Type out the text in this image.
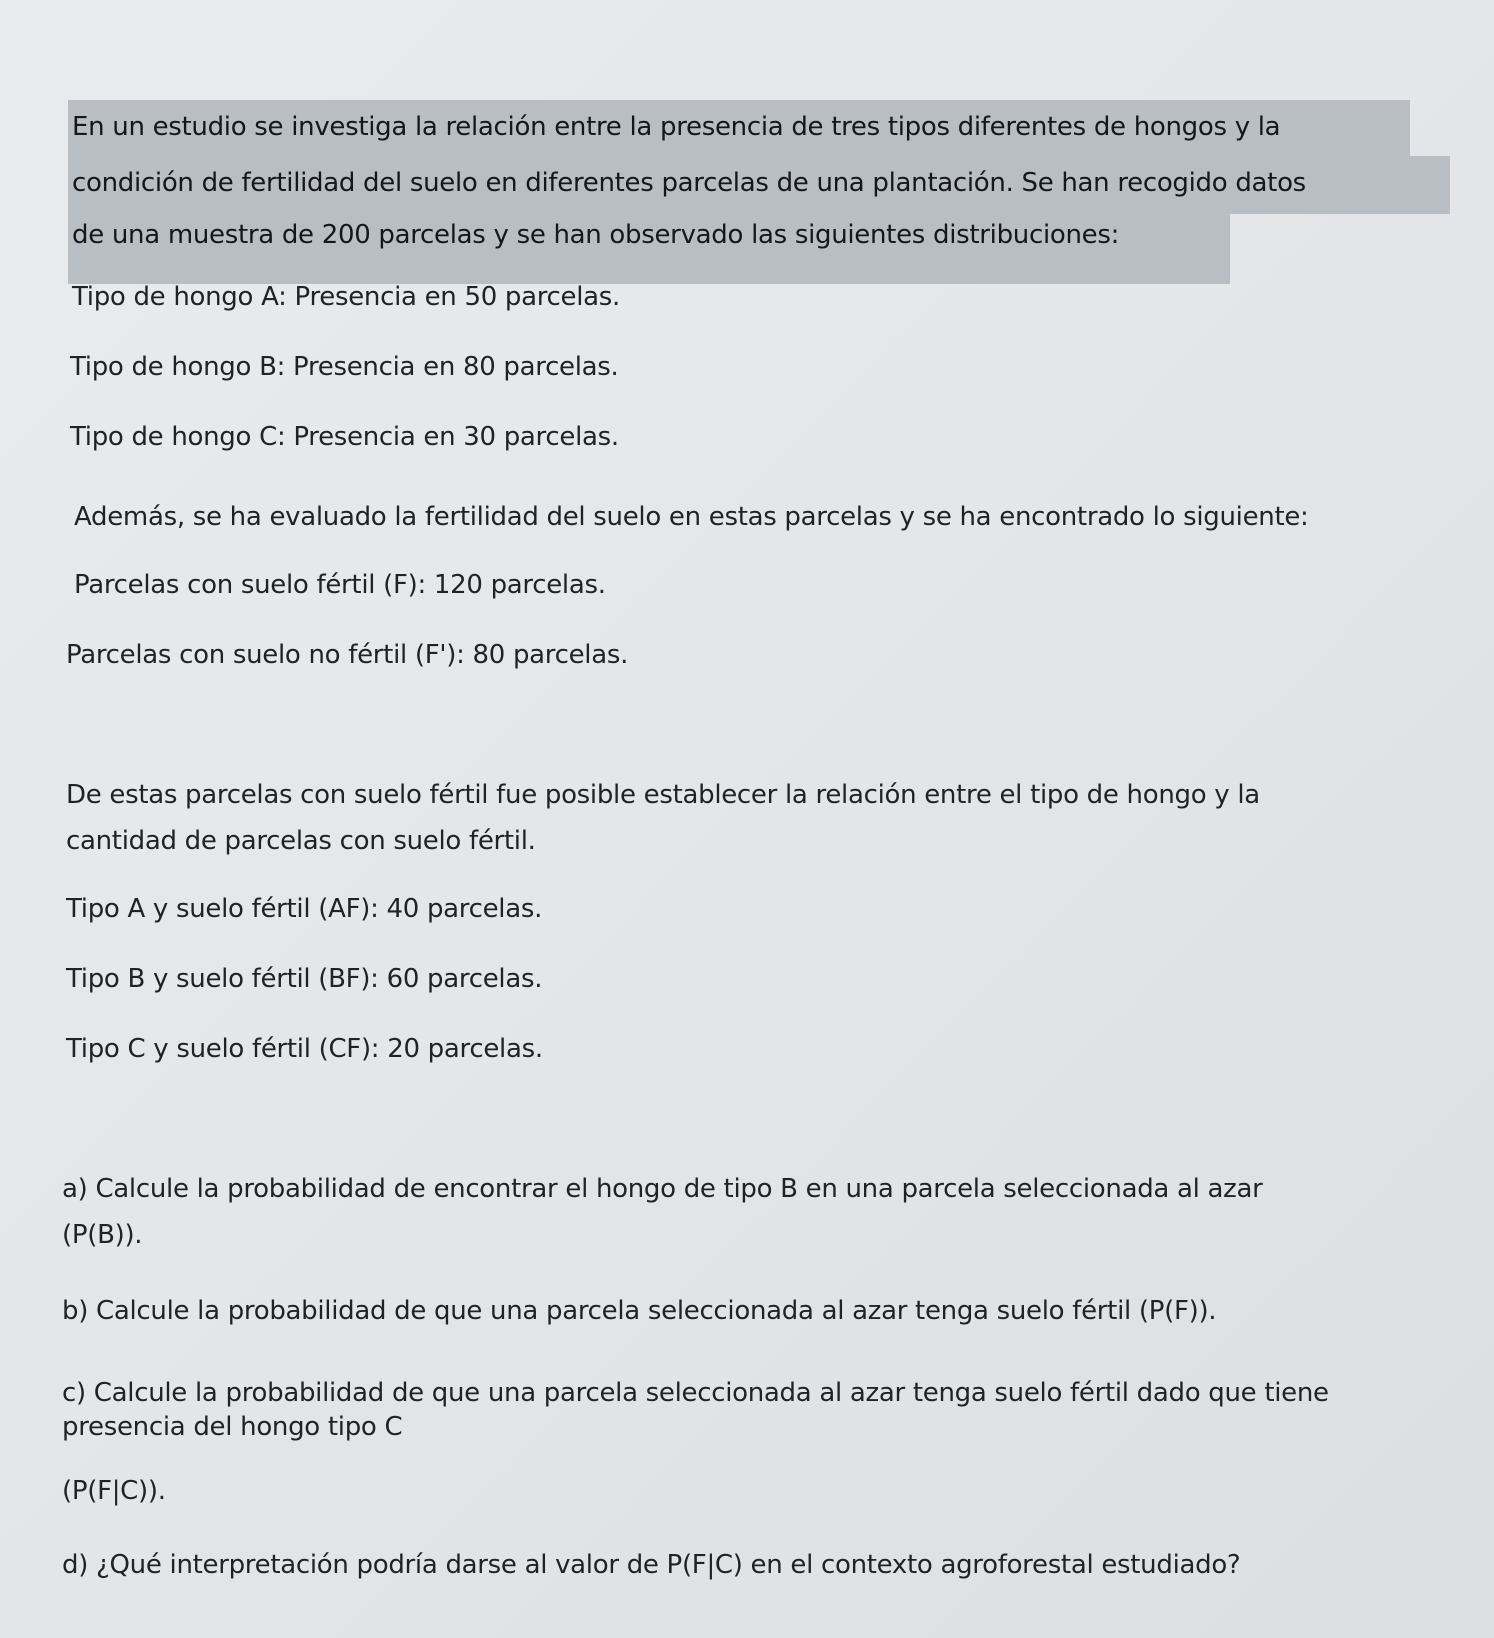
En un estudio se investiga la relación entre la presencia de tres tipos diferentes de hongos y la
condición de fertilidad del suelo en diferentes parcelas de una plantación. Se han recogido datos
de una muestra de 200 parcelas y se han observado las siguientes distribuciones:
Tipo de hongo A: Presencia en 50 parcelas.
Tipo de hongo B: Presencia en 80 parcelas.
Tipo de hongo C: Presencia en 30 parcelas.
Además, se ha evaluado la fertilidad del suelo en estas parcelas y se ha encontrado lo siguiente:
Parcelas con suelo fértil (F): 120 parcelas.
Parcelas con suelo no fértil (F'): 80 parcelas.
De estas parcelas con suelo fértil fue posible establecer la relación entre el tipo de hongo y la
cantidad de parcelas con suelo fértil.
Tipo A y suelo fértil (AF): 40 parcelas.
Tipo B y suelo fértil (BF): 60 parcelas.
Tipo C y suelo fértil (CF): 20 parcelas.
a) Calcule la probabilidad de encontrar el hongo de tipo B en una parcela seleccionada al azar
(P(B)).
b) Calcule la probabilidad de que una parcela seleccionada al azar tenga suelo fértil (P(F)).
c) Calcule la probabilidad de que una parcela seleccionada al azar tenga suelo fértil dado que tiene
presencia del hongo tipo C
(P(F|C)).
d) ¿Qué interpretación podría darse al valor de P(F|C) en el contexto agroforestal estudiado?
